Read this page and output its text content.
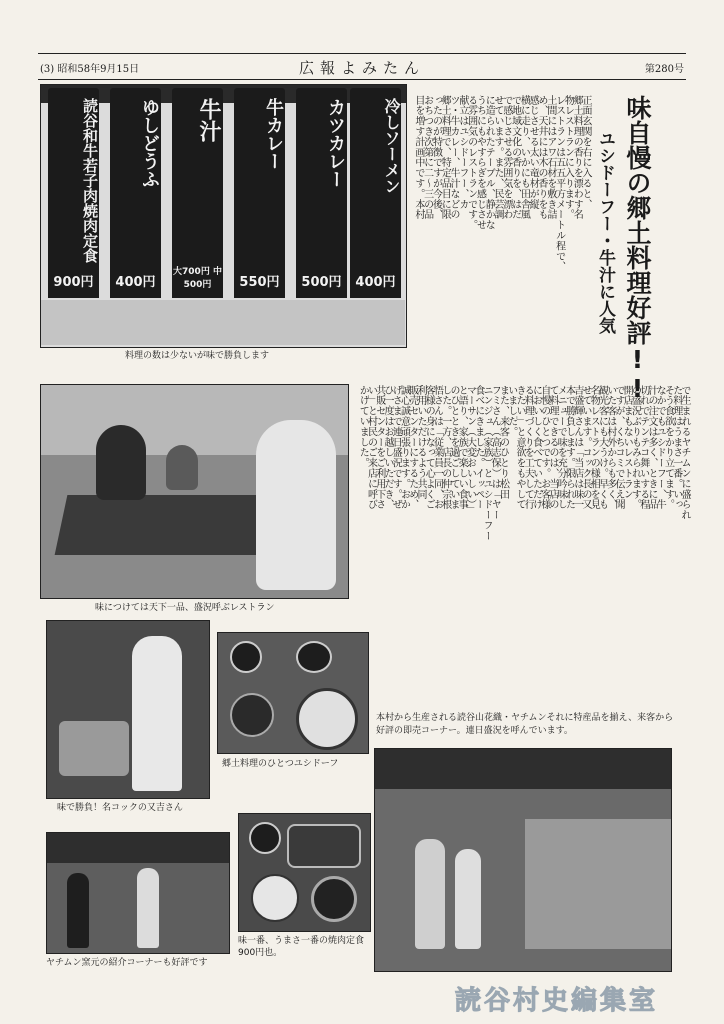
(3) 昭和58年9月15日	広報よみたん	第280号
読谷和牛若子肉焼肉定食
900円
ゆしどうふ
400円
牛汁
大700円 中500円
牛カレー
550円
カツカレー
500円
冷しソーメン
400円
料理の数は少ないが味で勝負します	味自慢の郷土料理好評!!
ユシドーフー・牛汁に人気
正面玄関を右に入ると、
郷土料理の香りを漂わす名
物レストランに入ります。
レストランは五五平方メートル程で、
土間にはアワ石材を敷き詰
め、天井には木の香りをも
感じさせる太い竜材が縦
横に走り、いかにも田舎風
で地域文化の香りを、はだ
で感じさせる雰囲気を漂わ
せています。また、民芸調
に造られたテーブル、静かな
うちにもやすらぎを感じさせ
る雰囲気のレストランです。
献立はユシドーフー、カ
ツ・牛カレー、牛汁などの
郷土料理で、特定品目に限
ったのが特徴ですが今後、
おちつき次第に二〜三の品
目を増す計画中です。本村
味につけては天下一品、盛況呼ぶレストラン
で生まれるヤチムンに盛られ
た料理はうまさ一番。いっ
そう食欲をかり立てます。
なかでもユシドーフー、牛
汁の注文は多く、ときに品
切れでテンテコ舞いする程
の盛況ぶりもみられます。
開店まもないレストラン
ですが、くちコミで伝え聞
いた客は村外からも多く、
観光客にも大うけ。早くも
名物レストランの様相を見
せています。コック長の又
吉盛輝さんは「当店は味一
本で勝負します。限られた
メニューで味を充分吟味し
て料理できるのは、当店の
自慢のひとつです。お客様
においしく食べていただけ
る料理づくりを工夫して行
きたい」と意欲をもやして
いました。
また、来客のひとり松田
フミさん（高志保）は「ヤー
ニンジュ（家族）とユシドーフー
食べにきました。イッペー
マーサン（大変おいしい）」
と語り、家族で楽しい食事
のひとときを過ごしていま
した。一方、店長の仲宗根
悟さんは「従業員一同、お
客様の身になって心よくご
利用いただけるよう共同
販売センターにするため、
誠心誠意頑張ります。おか
げさまで連日盛況です。ぜ
ひ一度はお越しいただき、
共販センターをご利用下さ
い」と村民のご来店に呼び
かけていました。
味で勝負！名コックの又吉さん
郷土料理のひとつユシドーフ
本村から生産される読谷山花織・ヤチムンそれに特産品を揃え、来客から好評の即売コーナー。連日盛況を呼んでいます。
ヤチムン窯元の紹介コーナーも好評です
味一番、うまさ一番の焼肉定食900円也。
読谷村史編集室
